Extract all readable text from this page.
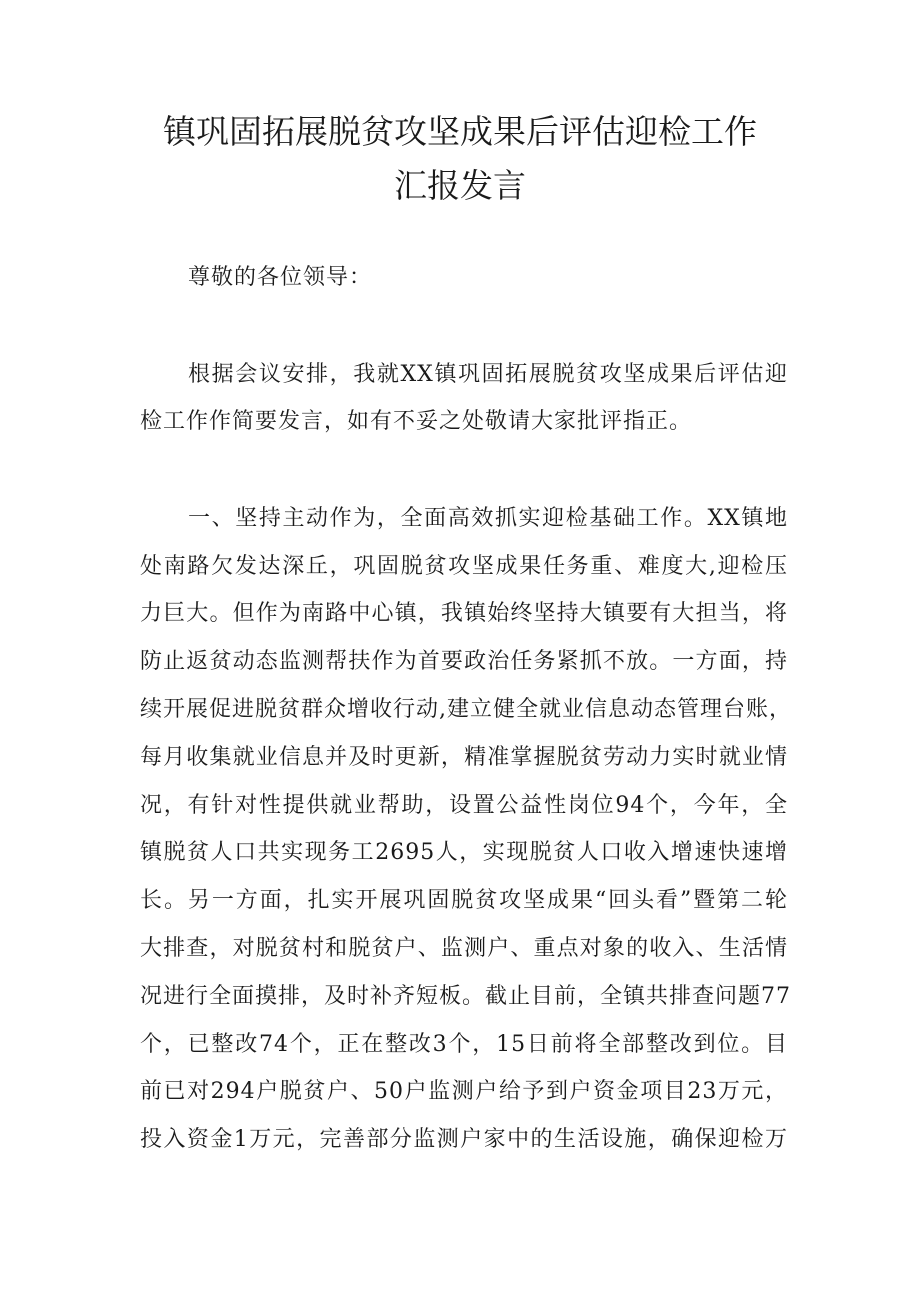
镇巩固拓展脱贫攻坚成果后评估迎检工作
汇报发言
尊敬的各位领导：
根据会议安排，我就XX镇巩固拓展脱贫攻坚成果后评估迎
检工作作简要发言，如有不妥之处敬请大家批评指正。
一、坚持主动作为，全面高效抓实迎检基础工作。XX镇地
处南路欠发达深丘，巩固脱贫攻坚成果任务重、难度大,迎检压
力巨大。但作为南路中心镇，我镇始终坚持大镇要有大担当，将
防止返贫动态监测帮扶作为首要政治任务紧抓不放。一方面，持
续开展促进脱贫群众增收行动,建立健全就业信息动态管理台账，
每月收集就业信息并及时更新，精准掌握脱贫劳动力实时就业情
况，有针对性提供就业帮助，设置公益性岗位94个，今年，全
镇脱贫人口共实现务工2695人，实现脱贫人口收入增速快速增
长。另一方面，扎实开展巩固脱贫攻坚成果“回头看”暨第二轮
大排查，对脱贫村和脱贫户、监测户、重点对象的收入、生活情
况进行全面摸排，及时补齐短板。截止目前，全镇共排查问题77
个，已整改74个，正在整改3个，15日前将全部整改到位。目
前已对294户脱贫户、50户监测户给予到户资金项目23万元，
投入资金1万元，完善部分监测户家中的生活设施，确保迎检万
